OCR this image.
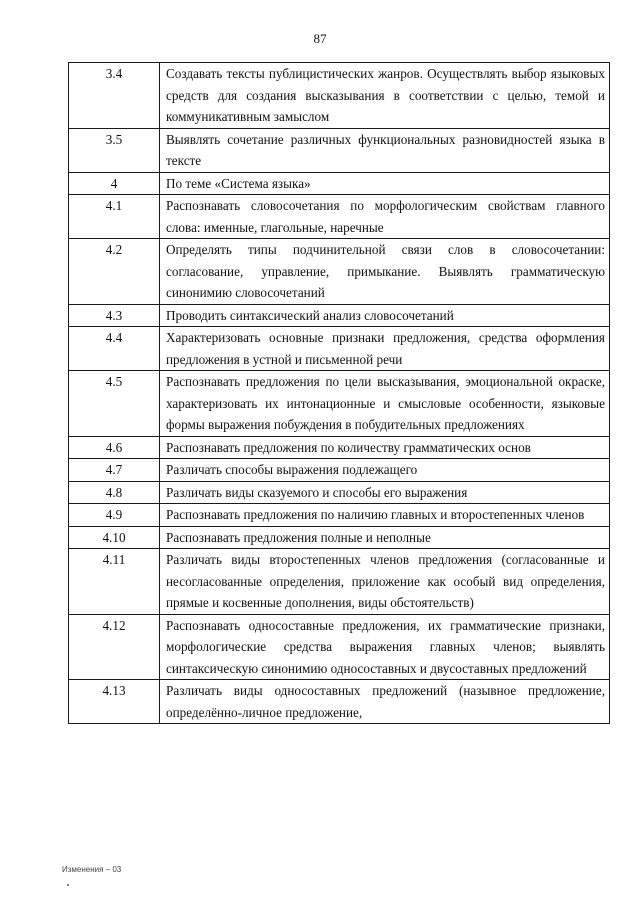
87
3.4	Создавать тексты публицистических жанров. Осуществлять выбор языковых средств для создания высказывания в соответствии с целью, темой и коммуникативным замыслом
3.5	Выявлять сочетание различных функциональных разновидностей языка в тексте
4	По теме «Система языка»
4.1	Распознавать словосочетания по морфологическим свойствам главного слова: именные, глагольные, наречные
4.2	Определять типы подчинительной связи слов в словосочетании: согласование, управление, примыкание. Выявлять грамматическую синонимию словосочетаний
4.3	Проводить синтаксический анализ словосочетаний
4.4	Характеризовать основные признаки предложения, средства оформления предложения в устной и письменной речи
4.5	Распознавать предложения по цели высказывания, эмоциональной окраске, характеризовать их интонационные и смысловые особенности, языковые формы выражения побуждения в побудительных предложениях
4.6	Распознавать предложения по количеству грамматических основ
4.7	Различать способы выражения подлежащего
4.8	Различать виды сказуемого и способы его выражения
4.9	Распознавать предложения по наличию главных и второстепенных членов
4.10	Распознавать предложения полные и неполные
4.11	Различать виды второстепенных членов предложения (согласованные и несогласованные определения, приложение как особый вид определения, прямые и косвенные дополнения, виды обстоятельств)
4.12	Распознавать односоставные предложения, их грамматические признаки, морфологические средства выражения главных членов; выявлять синтаксическую синонимию односоставных и двусоставных предложений
4.13	Различать виды односоставных предложений (назывное предложение, определённо-личное предложение,
Изменения – 03
